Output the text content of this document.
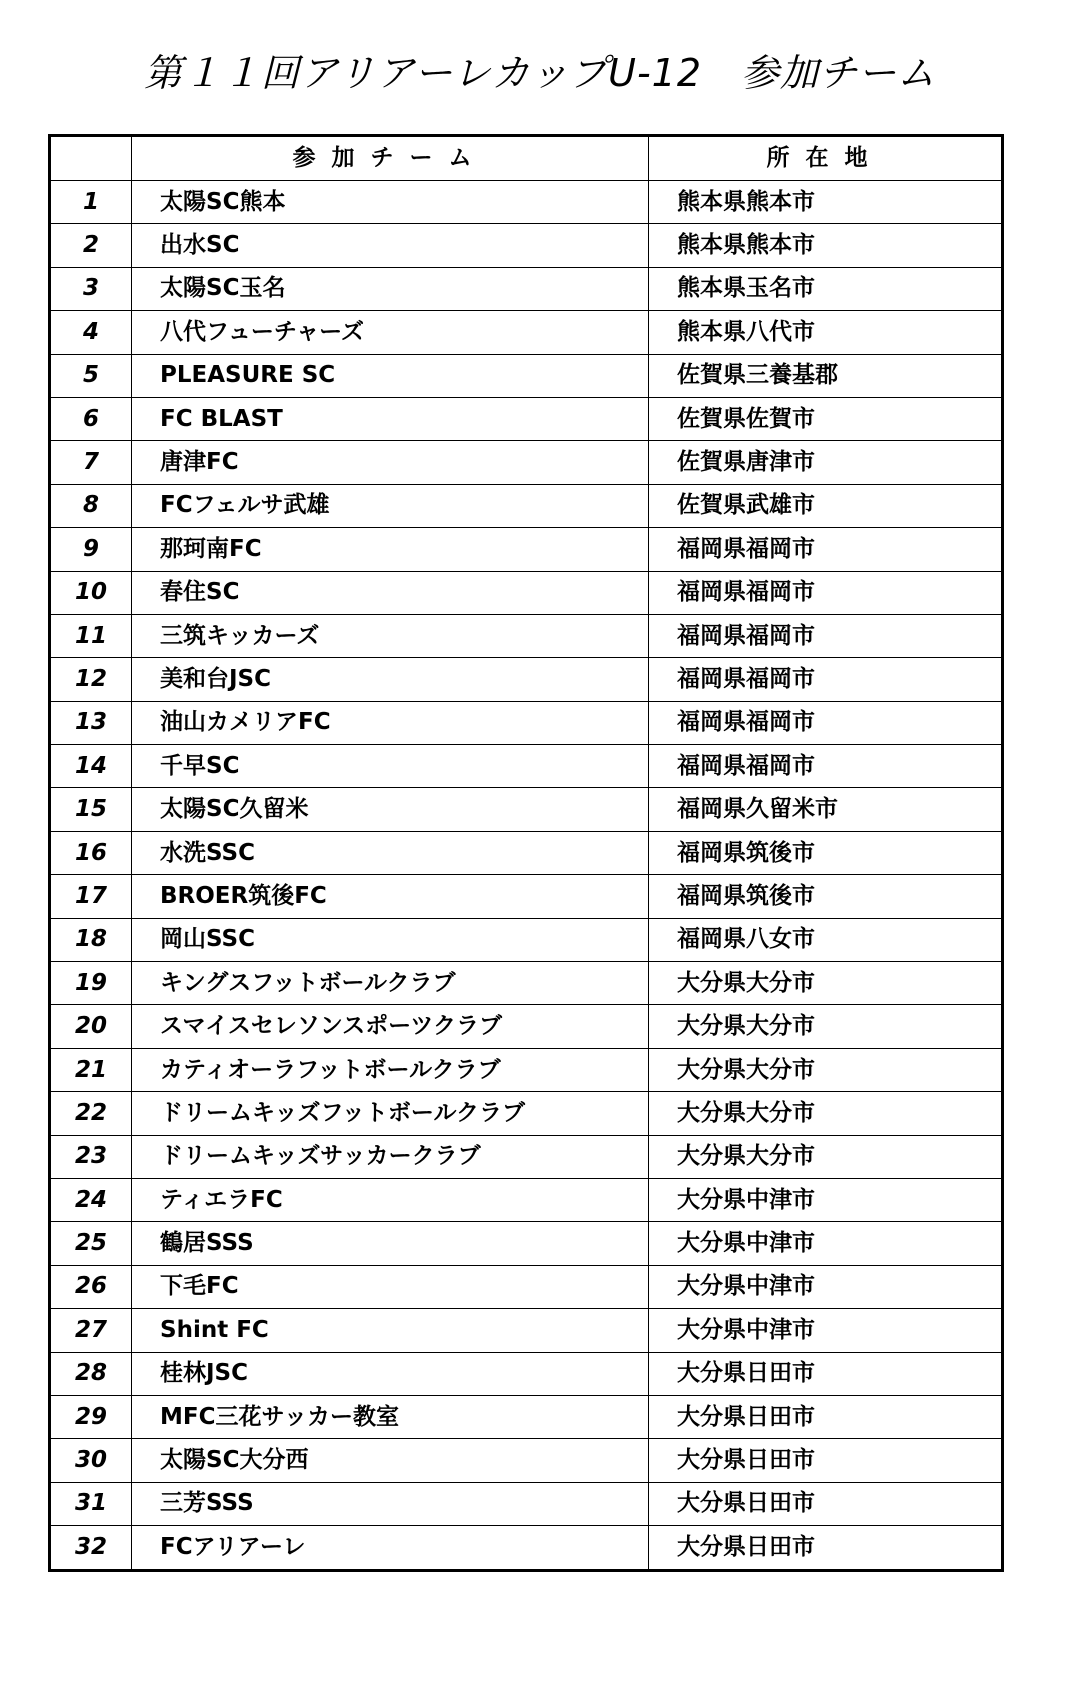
第１１回アリアーレカップU-12　参加チーム
	参加チーム	所在地
1	太陽SC熊本	熊本県熊本市
2	出水SC	熊本県熊本市
3	太陽SC玉名	熊本県玉名市
4	八代フューチャーズ	熊本県八代市
5	PLEASURE SC	佐賀県三養基郡
6	FC BLAST	佐賀県佐賀市
7	唐津FC	佐賀県唐津市
8	FCフェルサ武雄	佐賀県武雄市
9	那珂南FC	福岡県福岡市
10	春住SC	福岡県福岡市
11	三筑キッカーズ	福岡県福岡市
12	美和台JSC	福岡県福岡市
13	油山カメリアFC	福岡県福岡市
14	千早SC	福岡県福岡市
15	太陽SC久留米	福岡県久留米市
16	水洗SSC	福岡県筑後市
17	BROER筑後FC	福岡県筑後市
18	岡山SSC	福岡県八女市
19	キングスフットボールクラブ	大分県大分市
20	スマイスセレソンスポーツクラブ	大分県大分市
21	カティオーラフットボールクラブ	大分県大分市
22	ドリームキッズフットボールクラブ	大分県大分市
23	ドリームキッズサッカークラブ	大分県大分市
24	ティエラFC	大分県中津市
25	鶴居SSS	大分県中津市
26	下毛FC	大分県中津市
27	Shint FC	大分県中津市
28	桂林JSC	大分県日田市
29	MFC三花サッカー教室	大分県日田市
30	太陽SC大分西	大分県日田市
31	三芳SSS	大分県日田市
32	FCアリアーレ	大分県日田市
